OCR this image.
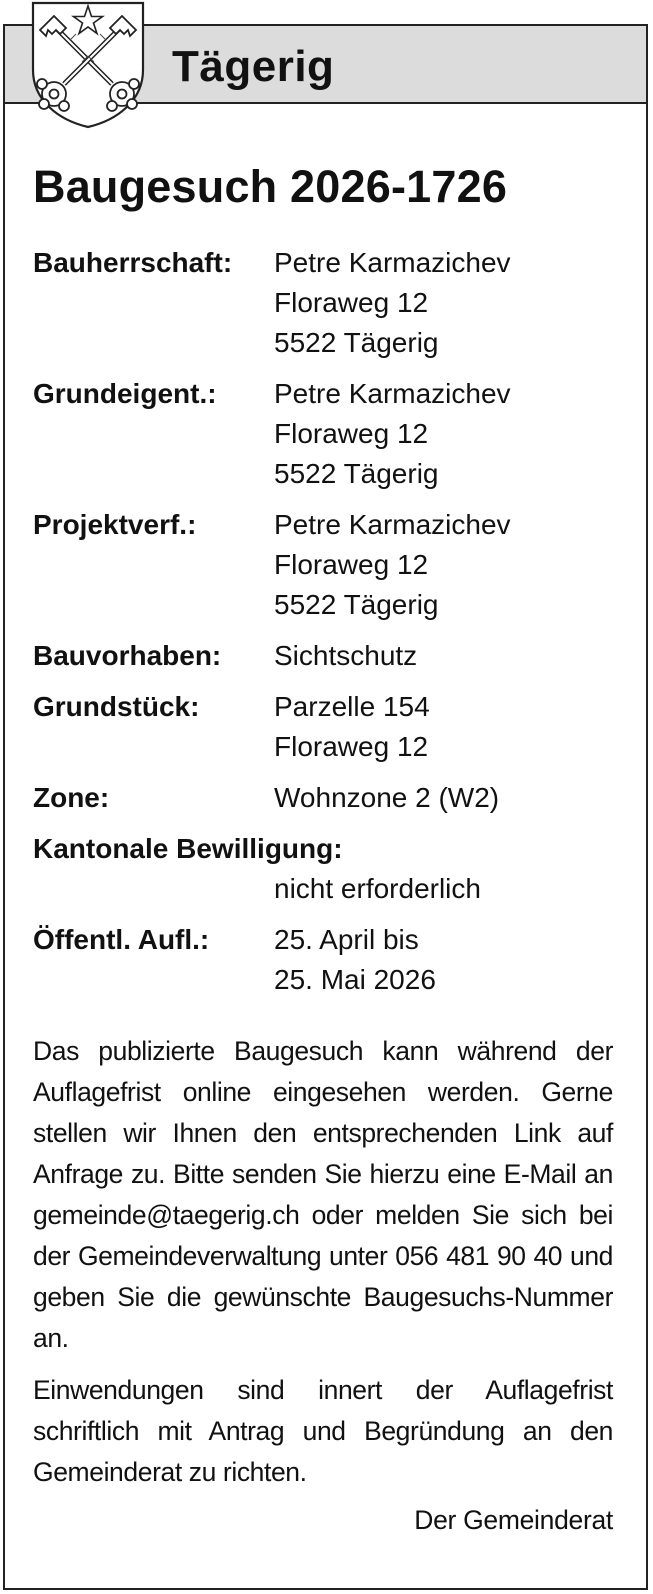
Tägerig
Baugesuch 2026-1726
Bauherrschaft: Petre Karmazichev
Floraweg 12
5522 Tägerig
Grundeigent.: Petre Karmazichev
Floraweg 12
5522 Tägerig
Projektverf.:	Petre Karmazichev
Floraweg 12
5522 Tägerig
Bauvorhaben: Sichtschutz
Grundstück:	Parzelle 154
Floraweg 12
Zone:	Wohnzone 2 (W2)
Kantonale Bewilligung:
nicht erforderlich
Öffentl. Aufl.: 25. April bis
25. Mai 2026

Das publizierte Baugesuch kann während der Auflagefrist online eingesehen werden. Gerne stellen wir Ihnen den entsprechenden Link auf Anfrage zu. Bitte senden Sie hierzu eine E-Mail an gemeinde@taegerig.ch oder melden Sie sich bei der Gemeindeverwaltung unter 056 481 90 40 und geben Sie die gewünschte Baugesuchs-Nummer an.

Einwendungen sind innert der Auflagefrist schriftlich mit Antrag und Begründung an den Gemeinderat zu richten.

Der Gemeinderat
